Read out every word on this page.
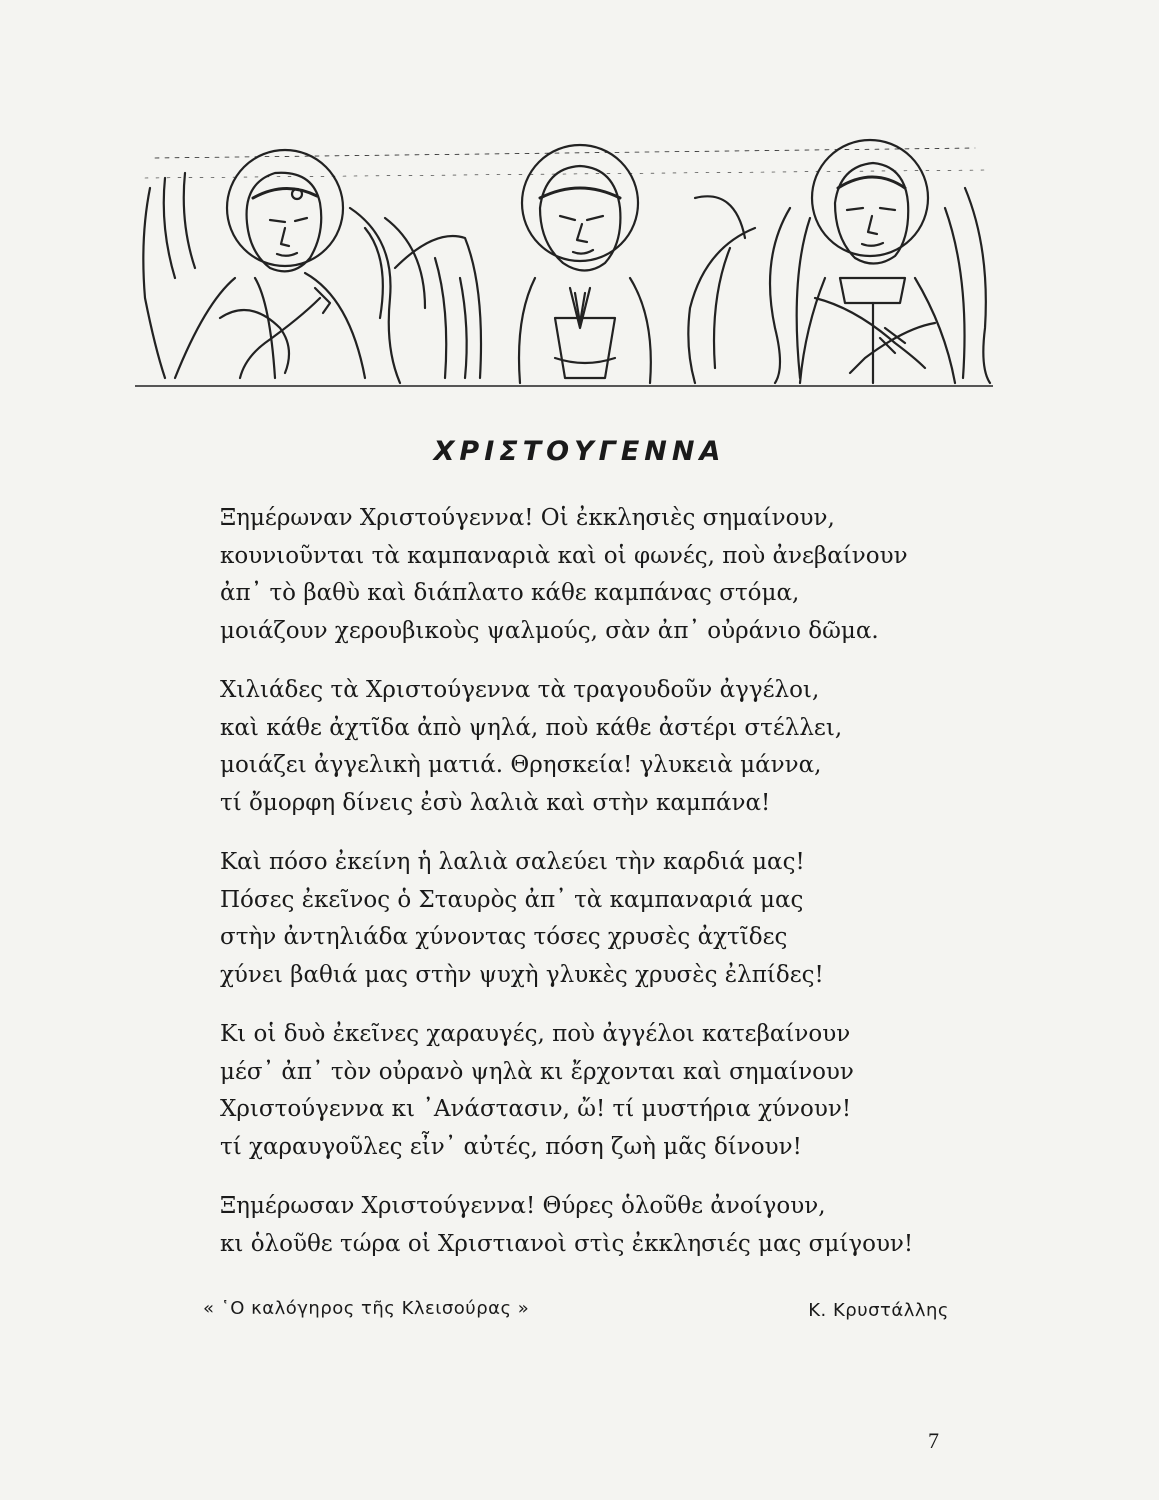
ΧΡΙΣΤΟΥΓΕΝΝΑ
Ξημέρωναν Χριστούγεννα! Οἱ ἐκκλησιὲς σημαίνουν,
κουνιοῦνται τὰ καμπαναριὰ καὶ οἱ φωνές, ποὺ ἀνεβαίνουν
ἀπ᾽ τὸ βαθὺ καὶ διάπλατο κάθε καμπάνας στόμα,
μοιάζουν χερουβικοὺς ψαλμούς, σὰν ἀπ᾽ οὐράνιο δῶμα.
Χιλιάδες τὰ Χριστούγεννα τὰ τραγουδοῦν ἀγγέλοι,
καὶ κάθε ἀχτῖδα ἀπὸ ψηλά, ποὺ κάθε ἀστέρι στέλλει,
μοιάζει ἀγγελικὴ ματιά. Θρησκεία! γλυκειὰ μάννα,
τί ὄμορφη δίνεις ἐσὺ λαλιὰ καὶ στὴν καμπάνα!
Καὶ πόσο ἐκείνη ἡ λαλιὰ σαλεύει τὴν καρδιά μας!
Πόσες ἐκεῖνος ὁ Σταυρὸς ἀπ᾽ τὰ καμπαναριά μας
στὴν ἀντηλιάδα χύνοντας τόσες χρυσὲς ἀχτῖδες
χύνει βαθιά μας στὴν ψυχὴ γλυκὲς χρυσὲς ἐλπίδες!
Κι οἱ δυὸ ἐκεῖνες χαραυγές, ποὺ ἀγγέλοι κατεβαίνουν
μέσ᾽ ἀπ᾽ τὸν οὐρανὸ ψηλὰ κι ἔρχονται καὶ σημαίνουν
Χριστούγεννα κι ᾿Ανάστασιν, ὤ! τί μυστήρια χύνουν!
τί χαραυγοῦλες εἶν᾽ αὐτές, πόση ζωὴ μᾶς δίνουν!
Ξημέρωσαν Χριστούγεννα! Θύρες ὁλοῦθε ἀνοίγουν,
κι ὁλοῦθε τώρα οἱ Χριστιανοὶ στὶς ἐκκλησιές μας σμίγουν!
« ῾Ο καλόγηρος τῆς Κλεισούρας »	Κ. Κρυστάλλης
7
